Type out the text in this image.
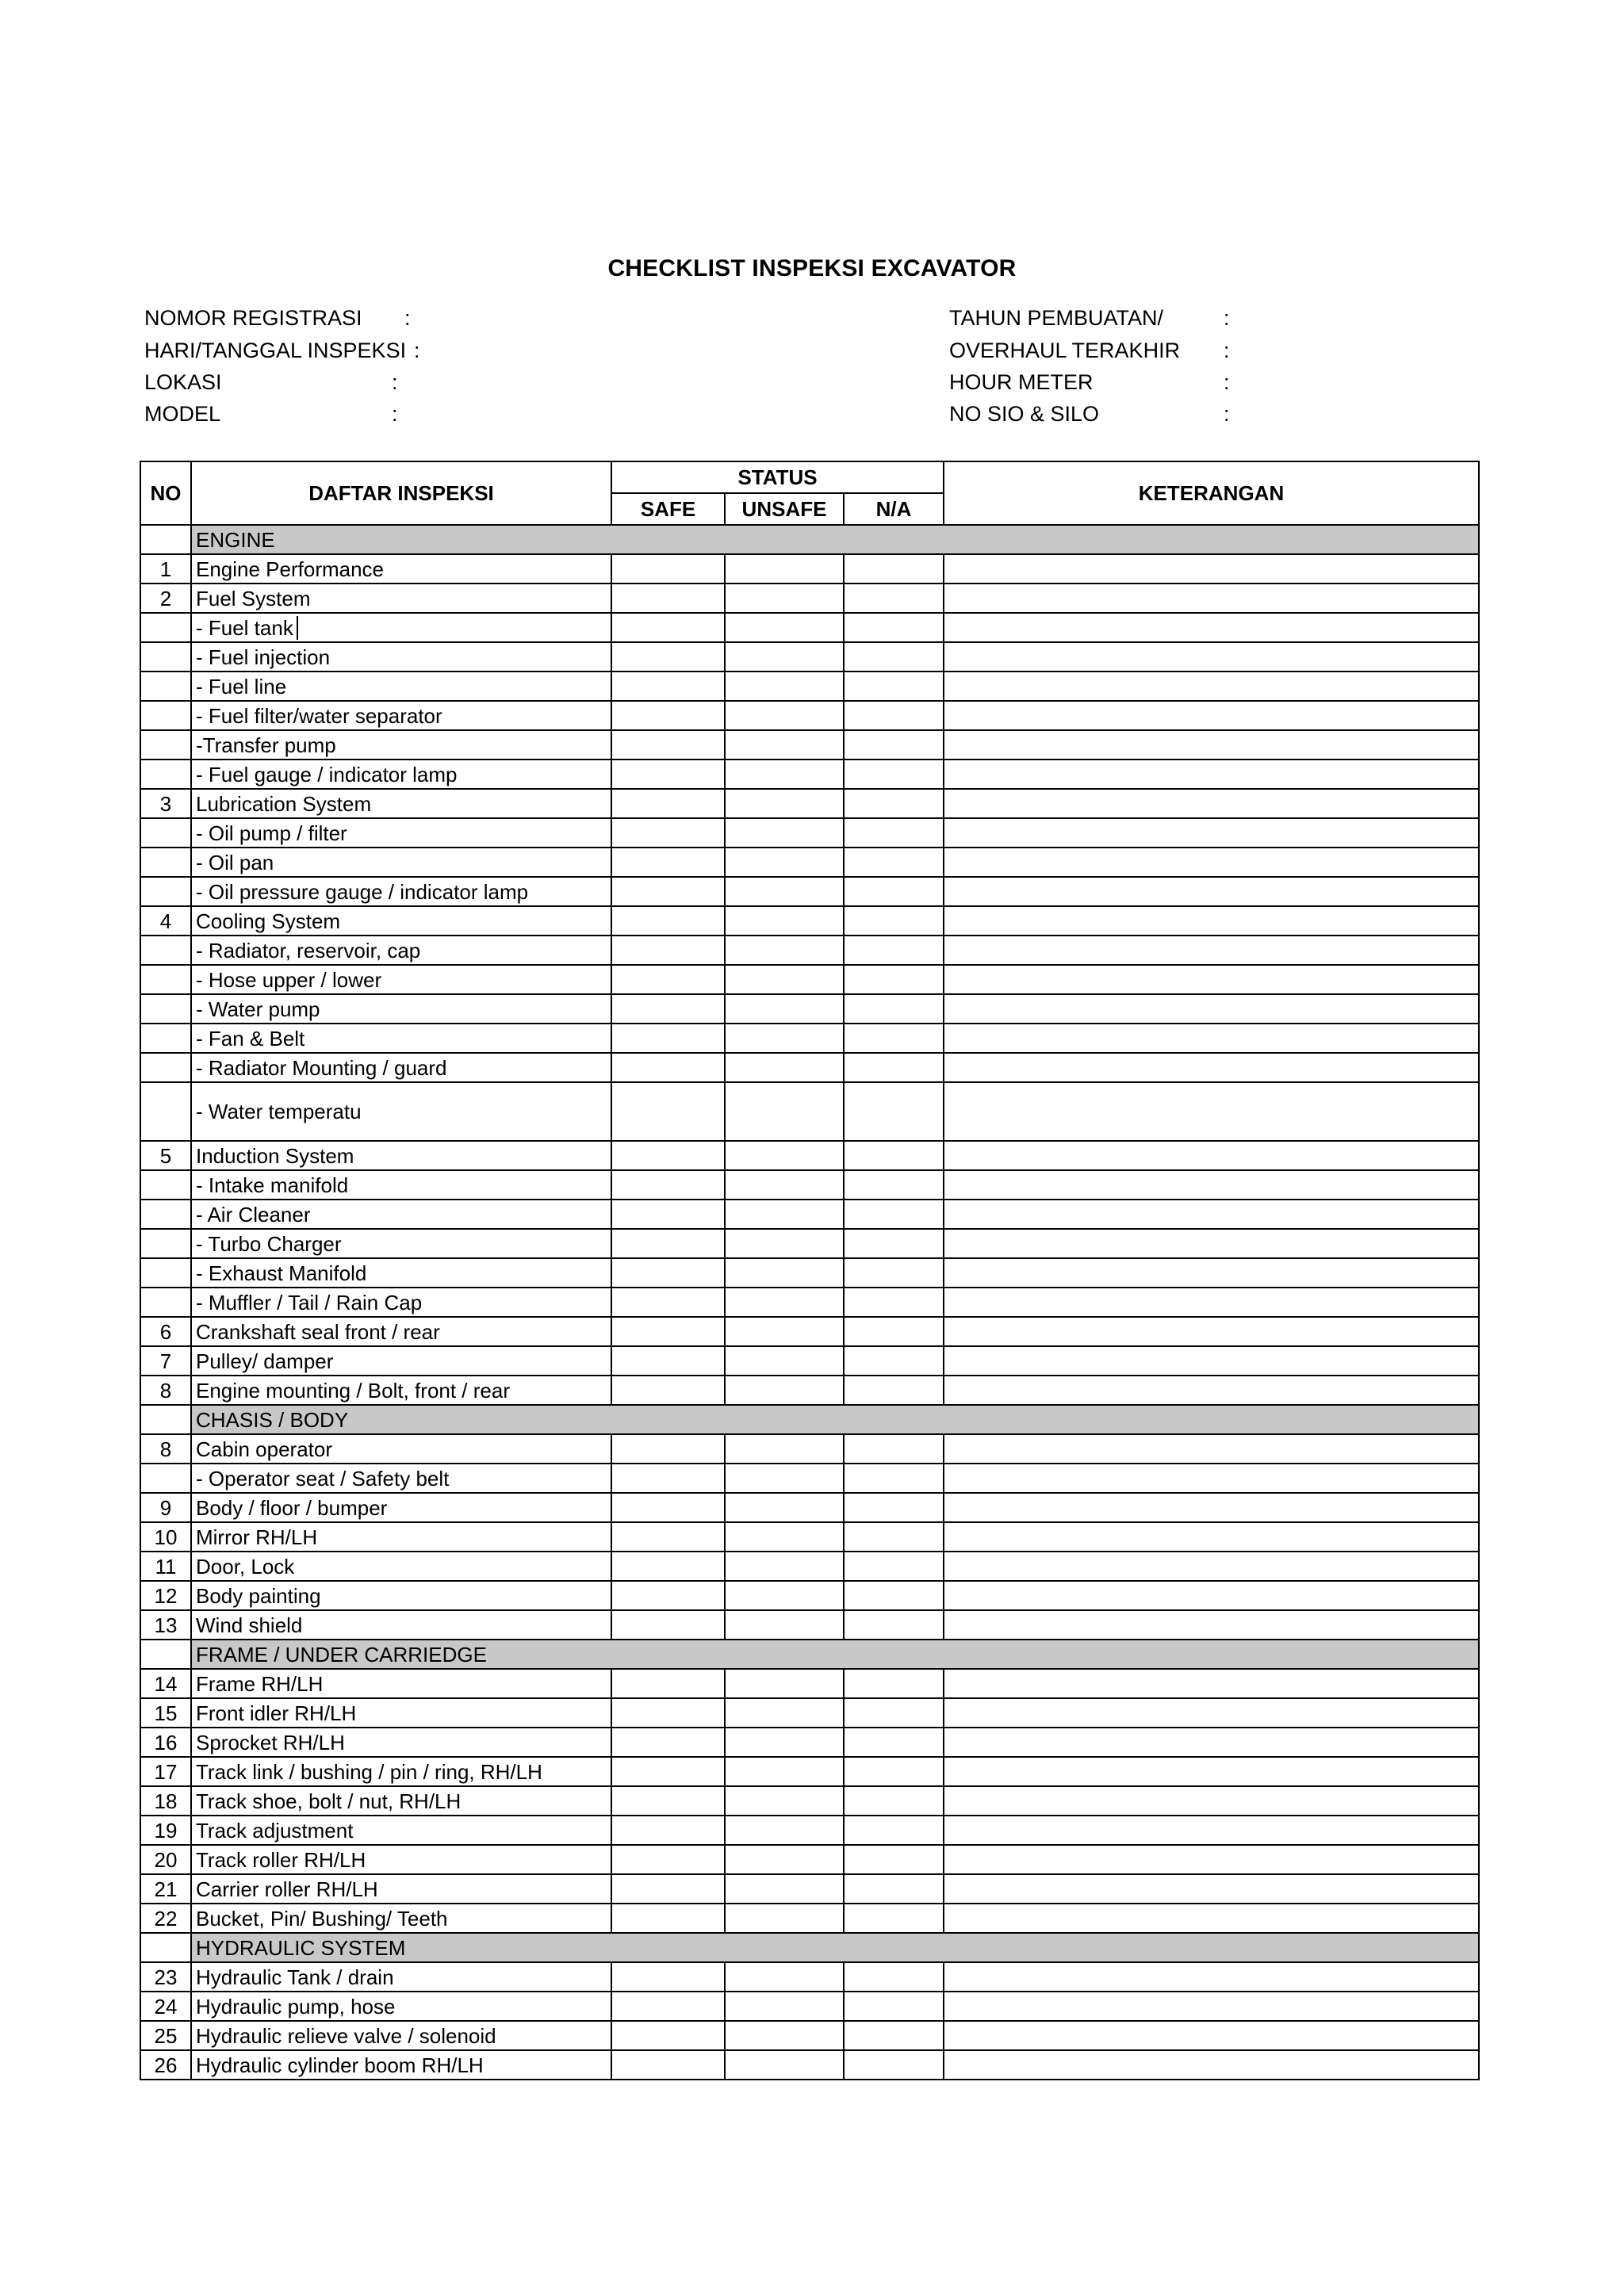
CHECKLIST INSPEKSI EXCAVATOR
NOMOR REGISTRASI :
HARI/TANGGAL INSPEKSI :
LOKASI	:
MODEL	:
TAHUN PEMBUATAN/	:
OVERHAUL TERAKHIR :
HOUR METER	:
NO SIO & SILO	:
NO	DAFTAR INSPEKSI	STATUS			KETERANGAN
		SAFE	UNSAFE	N/A	
	ENGINE				
1	Engine Performance				
2	Fuel System				
	- Fuel tank				
	- Fuel injection				
	- Fuel line				
	- Fuel filter/water separator				
	-Transfer pump				
	- Fuel gauge / indicator lamp				
3	Lubrication System				
	- Oil pump / filter				
	- Oil pan				
	- Oil pressure gauge / indicator lamp				
4	Cooling System				
	- Radiator, reservoir, cap				
	- Hose upper / lower				
	- Water pump				
	- Fan & Belt				
	- Radiator Mounting / guard				
	- Water temperatu				
5	Induction System				
	- Intake manifold				
	- Air Cleaner				
	- Turbo Charger				
	- Exhaust Manifold				
	- Muffler / Tail / Rain Cap				
6	Crankshaft seal front / rear				
7	Pulley/ damper				
8	Engine mounting / Bolt, front / rear				
	CHASIS / BODY				
8	Cabin operator				
	- Operator seat / Safety belt				
9	Body / floor / bumper				
10	Mirror RH/LH				
11	Door, Lock				
12	Body painting				
13	Wind shield				
	FRAME / UNDER CARRIEDGE				
14	Frame RH/LH				
15	Front idler RH/LH				
16	Sprocket RH/LH				
17	Track link / bushing / pin / ring, RH/LH				
18	Track shoe, bolt / nut, RH/LH				
19	Track adjustment				
20	Track roller RH/LH				
21	Carrier roller RH/LH				
22	Bucket, Pin/ Bushing/ Teeth				
	HYDRAULIC SYSTEM				
23	Hydraulic Tank / drain				
24	Hydraulic pump, hose				
25	Hydraulic relieve valve / solenoid				
26	Hydraulic cylinder boom RH/LH				
